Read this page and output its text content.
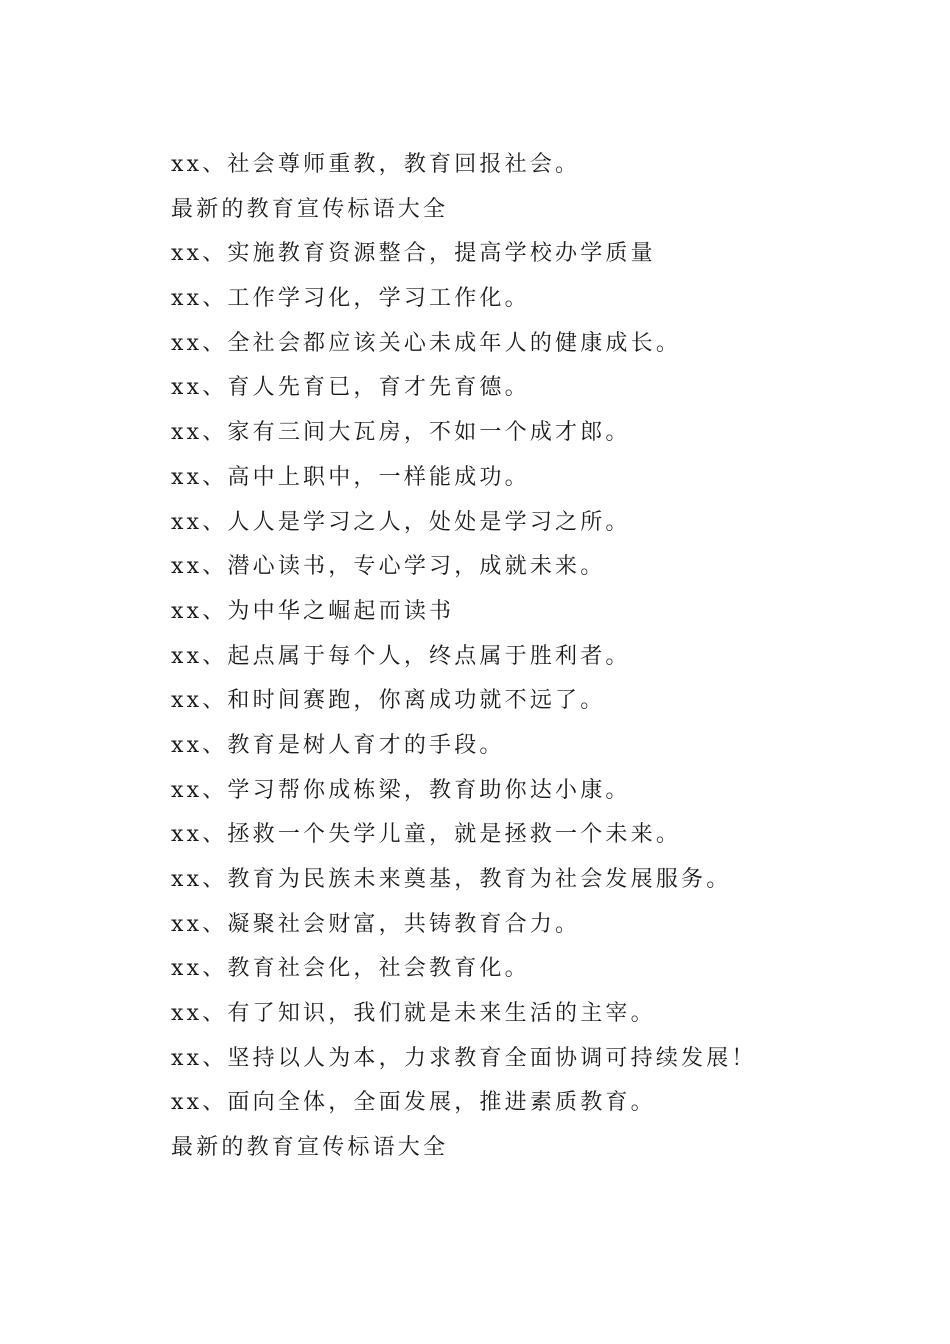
xx、社会尊师重教，教育回报社会。
最新的教育宣传标语大全
xx、实施教育资源整合，提高学校办学质量
xx、工作学习化，学习工作化。
xx、全社会都应该关心未成年人的健康成长。
xx、育人先育已，育才先育德。
xx、家有三间大瓦房，不如一个成才郎。
xx、高中上职中，一样能成功。
xx、人人是学习之人，处处是学习之所。
xx、潜心读书，专心学习，成就未来。
xx、为中华之崛起而读书
xx、起点属于每个人，终点属于胜利者。
xx、和时间赛跑，你离成功就不远了。
xx、教育是树人育才的手段。
xx、学习帮你成栋梁，教育助你达小康。
xx、拯救一个失学儿童，就是拯救一个未来。
xx、教育为民族未来奠基，教育为社会发展服务。
xx、凝聚社会财富，共铸教育合力。
xx、教育社会化，社会教育化。
xx、有了知识，我们就是未来生活的主宰。
xx、坚持以人为本，力求教育全面协调可持续发展！
xx、面向全体，全面发展，推进素质教育。
最新的教育宣传标语大全
